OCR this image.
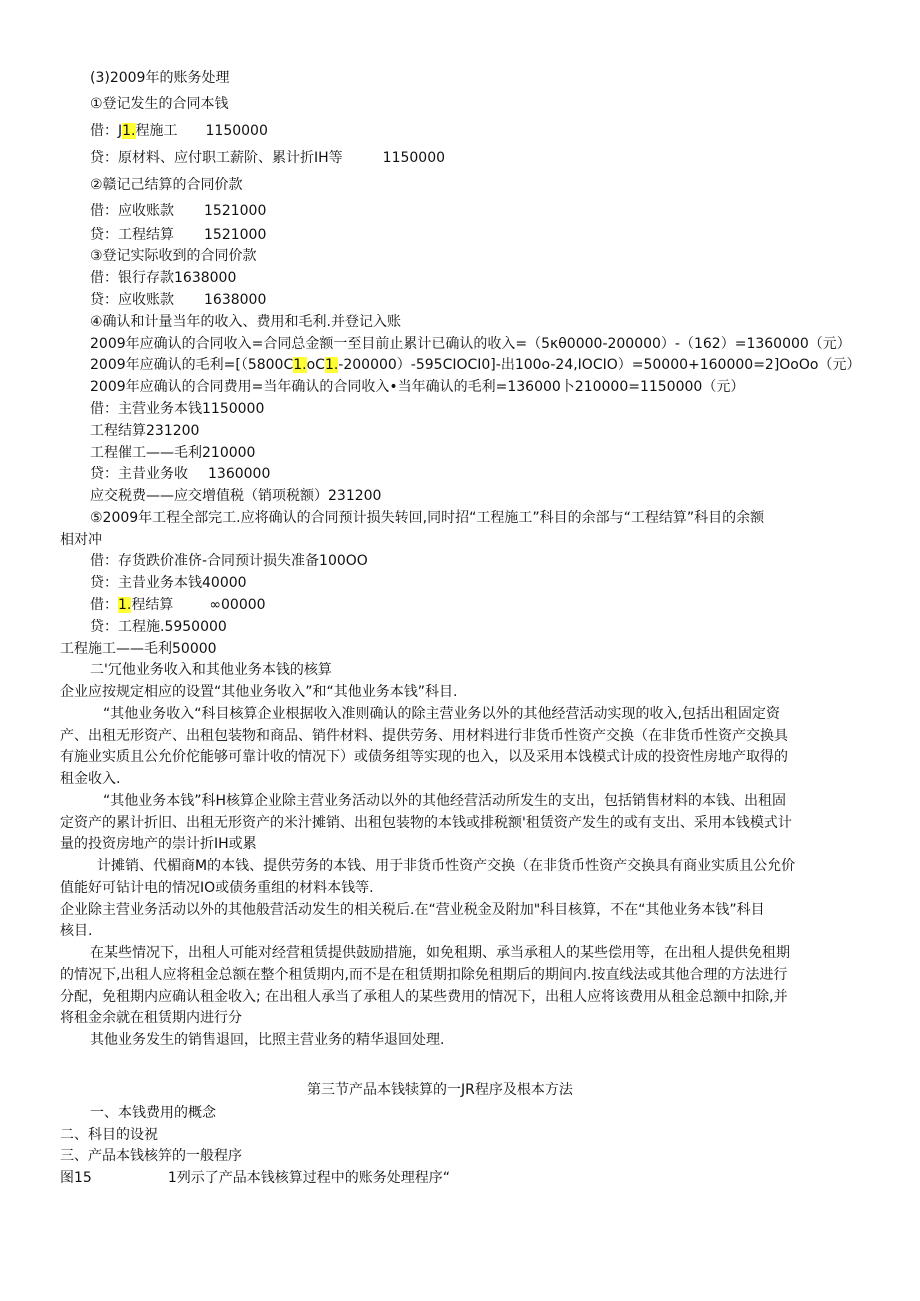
(3)2009年的账务处理
①登记发生的合同本钱
借：J1.程施工 1150000
贷：原材料、应付职工薪阶、累计折IH等	1150000
②赣记己结算的合同价款
借：应收账款 1521000
贷：工程结算 1521000
③登记实际收到的合同价款
借：银行存款1638000
贷：应收账款 1638000
④确认和计量当年的收入、费用和毛利.并登记入账
2009年应确认的合同收入=合同总金额一至目前止累计已确认的收入=（5κθ0000-200000）-（162）=1360000（元）
2009年应确认的毛利=[（5800C1.oC1.-200000）-595CIOCI0]-出100o-24,IOCIO）=50000+160000=2]OoOo（元）
2009年应确认的合同费用=当年确认的合同收入•当年确认的毛利=136000卜210000=1150000（元）
借：主营业务本钱1150000
工程结算231200
工程催工——毛利210000
贷：主昔业务收 1360000
应交税费——应交增值税（销项税额）231200
⑤2009年工程全部完工.应将确认的合同预计损失转回,同时招“工程施工”科目的余部与“工程结算”科目的余额
相对冲
借：存货跌价准侪-合同预计损失准备100OO
贷：主昔业务本钱40000
借：1.程结算	∞00000
贷：工程施.5950000
工程施工——毛利50000
二'冗他业务收入和其他业务本钱的核算
企业应按规定相应的设置“其他业务收入”和“其他业务本钱”科目.
“其他业务收入“科目核算企业根据收入准则确认的除主营业务以外的其他经营活动实现的收入,包括出租固定资
产、出租无形资产、出租包装物和商品、销件材料、提供劳务、用材料进行非货币性资产交换（在非货币性资产交换具
有施业实质且公允价佗能够可靠计收的情况下）或债务组等实现的也入，以及采用本饯模式计成的投资性房地产取得的
租金收入.
“其他业务本钱”科H核算企业除主营业务活动以外的其他经营活动所发生的支出，包括销售材料的本钱、出租固
定资产的累计折旧、出租无形资产的米汁摊销、出租包装物的本钱或排税额'租赁资产发生的或有支出、采用本钱模式计
量的投资房地产的崇计折IH或累
计摊销、代楣商M的本钱、提供劳务的本钱、用于非货币性资产交换（在非货币性资产交换具有商业实质且公允价
值能好可钻计电的情况IO或债务重组的材料本钱等.
企业除主营业务活动以外的其他般营活动发生的相关税后.在“营业税金及附加"科目核算，不在“其他业务本钱”科目
核目.
在某些情况下，出租人可能对经营租赁提供鼓励措施，如免租期、承当承租人的某些偿用等，在出租人提供免租期
的情况下,出租人应将租金总额在整个租赁期内,而不是在租赁期扣除免租期后的期间内.按直线法或其他合理的方法进行
分配，免租期内应确认租金收入; 在出租人承当了承租人的某些费用的情况下，出租人应将该费用从租金总额中扣除,并
将租金余就在租赁期内进行分
其他业务发生的销售退回，比照主营业务的精华退回处理.
第三节产品本钱犊算的一JR程序及根本方法
一、本钱费用的概念
二、科目的设祝
三、产品本钱核笄的一般程序
图15	1列示了产品本钱核算过程中的账务处理程序“
